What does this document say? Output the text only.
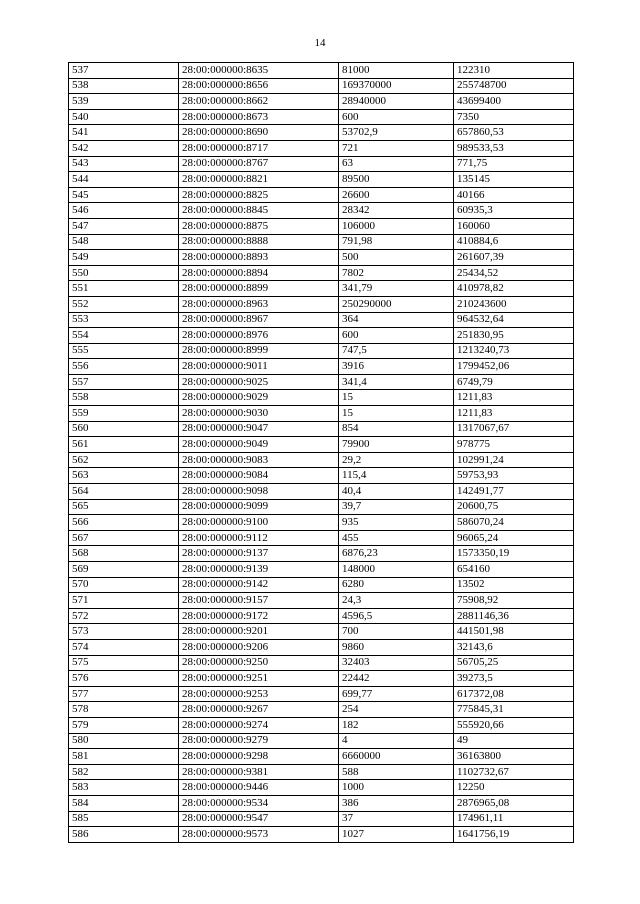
14
537	28:00:000000:8635	81000	122310
538	28:00:000000:8656	169370000	255748700
539	28:00:000000:8662	28940000	43699400
540	28:00:000000:8673	600	7350
541	28:00:000000:8690	53702,9	657860,53
542	28:00:000000:8717	721	989533,53
543	28:00:000000:8767	63	771,75
544	28:00:000000:8821	89500	135145
545	28:00:000000:8825	26600	40166
546	28:00:000000:8845	28342	60935,3
547	28:00:000000:8875	106000	160060
548	28:00:000000:8888	791,98	410884,6
549	28:00:000000:8893	500	261607,39
550	28:00:000000:8894	7802	25434,52
551	28:00:000000:8899	341,79	410978,82
552	28:00:000000:8963	250290000	210243600
553	28:00:000000:8967	364	964532,64
554	28:00:000000:8976	600	251830,95
555	28:00:000000:8999	747,5	1213240,73
556	28:00:000000:9011	3916	1799452,06
557	28:00:000000:9025	341,4	6749,79
558	28:00:000000:9029	15	1211,83
559	28:00:000000:9030	15	1211,83
560	28:00:000000:9047	854	1317067,67
561	28:00:000000:9049	79900	978775
562	28:00:000000:9083	29,2	102991,24
563	28:00:000000:9084	115,4	59753,93
564	28:00:000000:9098	40,4	142491,77
565	28:00:000000:9099	39,7	20600,75
566	28:00:000000:9100	935	586070,24
567	28:00:000000:9112	455	96065,24
568	28:00:000000:9137	6876,23	1573350,19
569	28:00:000000:9139	148000	654160
570	28:00:000000:9142	6280	13502
571	28:00:000000:9157	24,3	75908,92
572	28:00:000000:9172	4596,5	2881146,36
573	28:00:000000:9201	700	441501,98
574	28:00:000000:9206	9860	32143,6
575	28:00:000000:9250	32403	56705,25
576	28:00:000000:9251	22442	39273,5
577	28:00:000000:9253	699,77	617372,08
578	28:00:000000:9267	254	775845,31
579	28:00:000000:9274	182	555920,66
580	28:00:000000:9279	4	49
581	28:00:000000:9298	6660000	36163800
582	28:00:000000:9381	588	1102732,67
583	28:00:000000:9446	1000	12250
584	28:00:000000:9534	386	2876965,08
585	28:00:000000:9547	37	174961,11
586	28:00:000000:9573	1027	1641756,19
